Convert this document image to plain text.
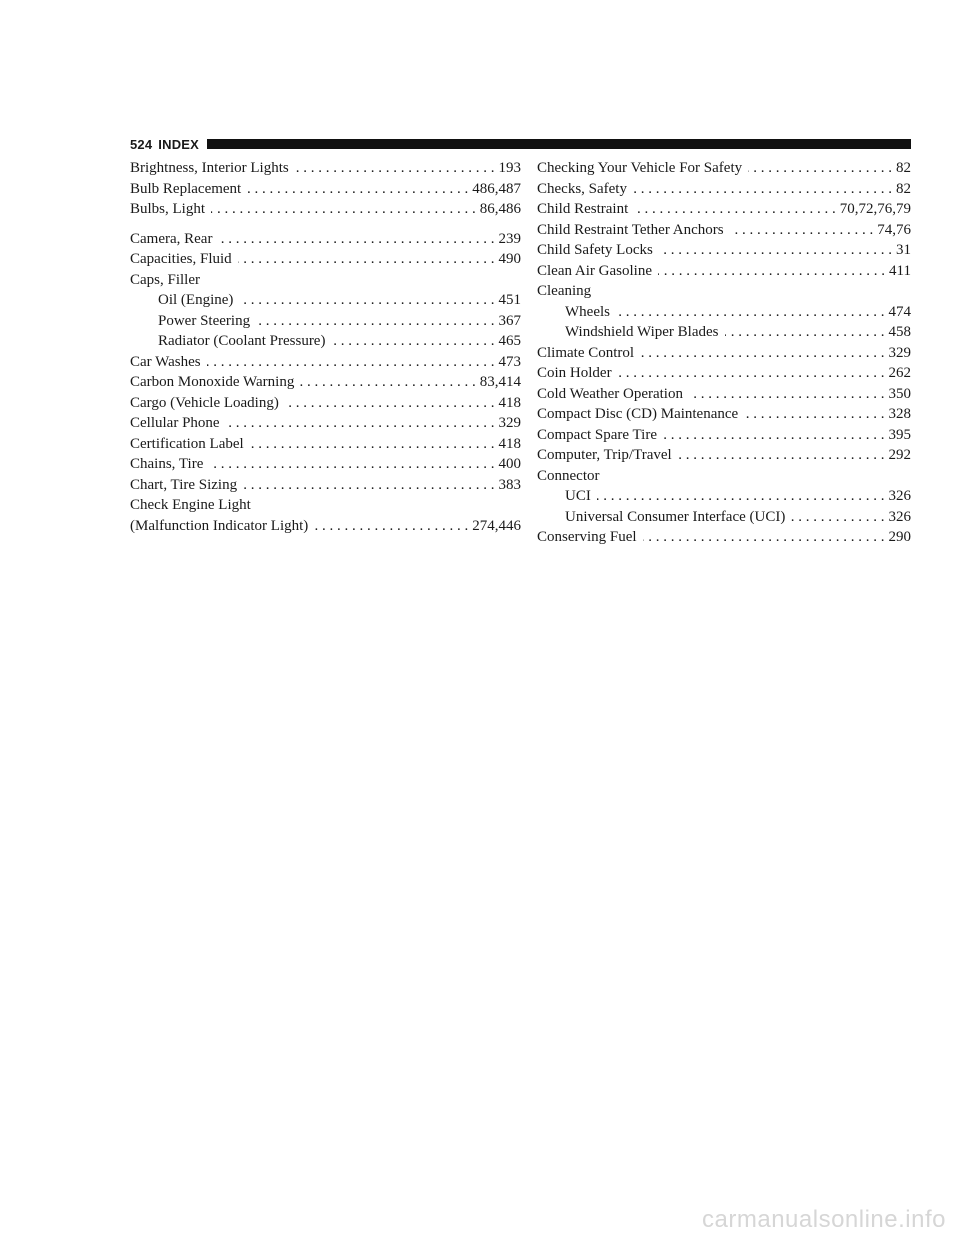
524 INDEX
Brightness, Interior Lights . . .	193
Bulb Replacement . . .	486,487
Bulbs, Light . . .	86,486
Camera, Rear . . .	239
Capacities, Fluid . . .	490
Caps, Filler
Oil (Engine) . . .	451
Power Steering . . .	367
Radiator (Coolant Pressure) . . .	465
Car Washes . . .	473
Carbon Monoxide Warning . . .	83,414
Cargo (Vehicle Loading) . . .	418
Cellular Phone . . .	329
Certification Label . . .	418
Chains, Tire . . .	400
Chart, Tire Sizing . . .	383
Check Engine Light
(Malfunction Indicator Light) . . .	274,446
Checking Your Vehicle For Safety . . .	82
Checks, Safety . . .	82
Child Restraint . . .	70,72,76,79
Child Restraint Tether Anchors . . .	74,76
Child Safety Locks . . .	31
Clean Air Gasoline . . .	411
Cleaning
Wheels . . .	474
Windshield Wiper Blades . . .	458
Climate Control . . .	329
Coin Holder . . .	262
Cold Weather Operation . . .	350
Compact Disc (CD) Maintenance . . .	328
Compact Spare Tire . . .	395
Computer, Trip/Travel . . .	292
Connector
UCI . . .	326
Universal Consumer Interface (UCI) . . .	326
Conserving Fuel . . .	290
carmanualsonline.info
